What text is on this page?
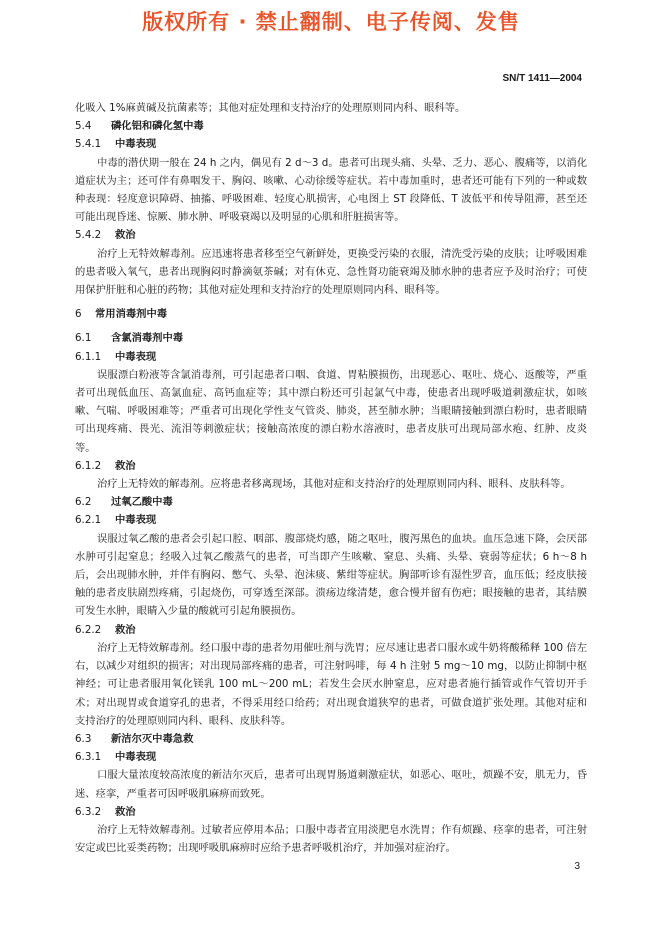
版权所有 · 禁止翻制、电子传阅、发售
SN/T 1411—2004

化吸入 1%麻黄碱及抗菌素等；其他对症处理和支持治疗的处理原则同内科、眼科等。

5.4 磷化铝和磷化氢中毒
5.4.1 中毒表现

中毒的潜伏期一般在 24 h 之内，偶见有 2 d～3 d。患者可出现头痛、头晕、乏力、恶心、腹痛等，以消化道症状为主；还可伴有鼻咽发干、胸闷、咳嗽、心动徐缓等症状。若中毒加重时，患者还可能有下列的一种或数种表现：轻度意识障碍、抽搐、呼吸困难、轻度心肌损害，心电图上 ST 段降低、T 波低平和传导阻滞，甚至还可能出现昏迷、惊厥、肺水肿、呼吸衰竭以及明显的心肌和肝脏损害等。

5.4.2 救治

治疗上无特效解毒剂。应迅速将患者移至空气新鲜处，更换受污染的衣服，清洗受污染的皮肤；让呼吸困难的患者吸入氧气，患者出现胸闷时静滴氨茶碱；对有休克、急性肾功能衰竭及肺水肿的患者应予及时治疗；可使用保护肝脏和心脏的药物；其他对症处理和支持治疗的处理原则同内科、眼科等。

6 常用消毒剂中毒
6.1 含氯消毒剂中毒
6.1.1 中毒表现

误服漂白粉液等含氯消毒剂，可引起患者口咽、食道、胃粘膜损伤，出现恶心、呕吐、烧心、返酸等，严重者可出现低血压、高氯血症、高钙血症等；其中漂白粉还可引起氯气中毒，使患者出现呼吸道刺激症状，如咳嗽、气喘、呼吸困难等；严重者可出现化学性支气管炎、肺炎，甚至肺水肿；当眼睛接触到漂白粉时，患者眼睛可出现疼痛、畏光、流泪等刺激症状；接触高浓度的漂白粉水溶液时，患者皮肤可出现局部水疱、红肿、皮炎等。

6.1.2 救治

治疗上无特效的解毒剂。应将患者移离现场，其他对症和支持治疗的处理原则同内科、眼科、皮肤科等。

6.2 过氧乙酸中毒
6.2.1 中毒表现

误服过氧乙酸的患者会引起口腔、咽部、腹部烧灼感，随之呕吐，腹泻黑色的血块。血压急速下降，会厌部水肿可引起窒息；经吸入过氧乙酸蒸气的患者，可当即产生咳嗽、窒息、头痛、头晕、衰弱等症状；6 h～8 h后，会出现肺水肿，并伴有胸闷、憋气、头晕、泡沫痰、紫绀等症状。胸部听诊有湿性罗音，血压低；经皮肤接触的患者皮肤剧烈疼痛，引起烧伤，可穿透至深部。溃疡边缘清楚，愈合慢并留有伤疤；眼接触的患者，其结膜可发生水肿，眼睛入少量的酸就可引起角膜损伤。

6.2.2 救治

治疗上无特效解毒剂。经口服中毒的患者勿用催吐剂与洗胃；应尽速让患者口服水或牛奶将酸稀释 100 倍左右，以减少对组织的损害；对出现局部疼痛的患者，可注射吗啡，每 4 h 注射 5 mg～10 mg，以防止抑制中枢神经；可让患者服用氧化镁乳 100 mL～200 mL；若发生会厌水肿窒息，应对患者施行插管或作气管切开手术；对出现胃或食道穿孔的患者，不得采用经口给药；对出现食道狭窄的患者，可做食道扩张处理。其他对症和支持治疗的处理原则同内科、眼科、皮肤科等。

6.3 新洁尔灭中毒急救
6.3.1 中毒表现

口服大量浓度较高浓度的新洁尔灭后，患者可出现胃肠道刺激症状，如恶心、呕吐，烦躁不安，肌无力，昏迷、痉挛，严重者可因呼吸肌麻痹而致死。

6.3.2 救治

治疗上无特效解毒剂。过敏者应停用本品；口服中毒者宜用淡肥皂水洗胃；作有烦躁、痉挛的患者，可注射安定或巴比妥类药物；出现呼吸肌麻痹时应给予患者呼吸机治疗，并加强对症治疗。

3
